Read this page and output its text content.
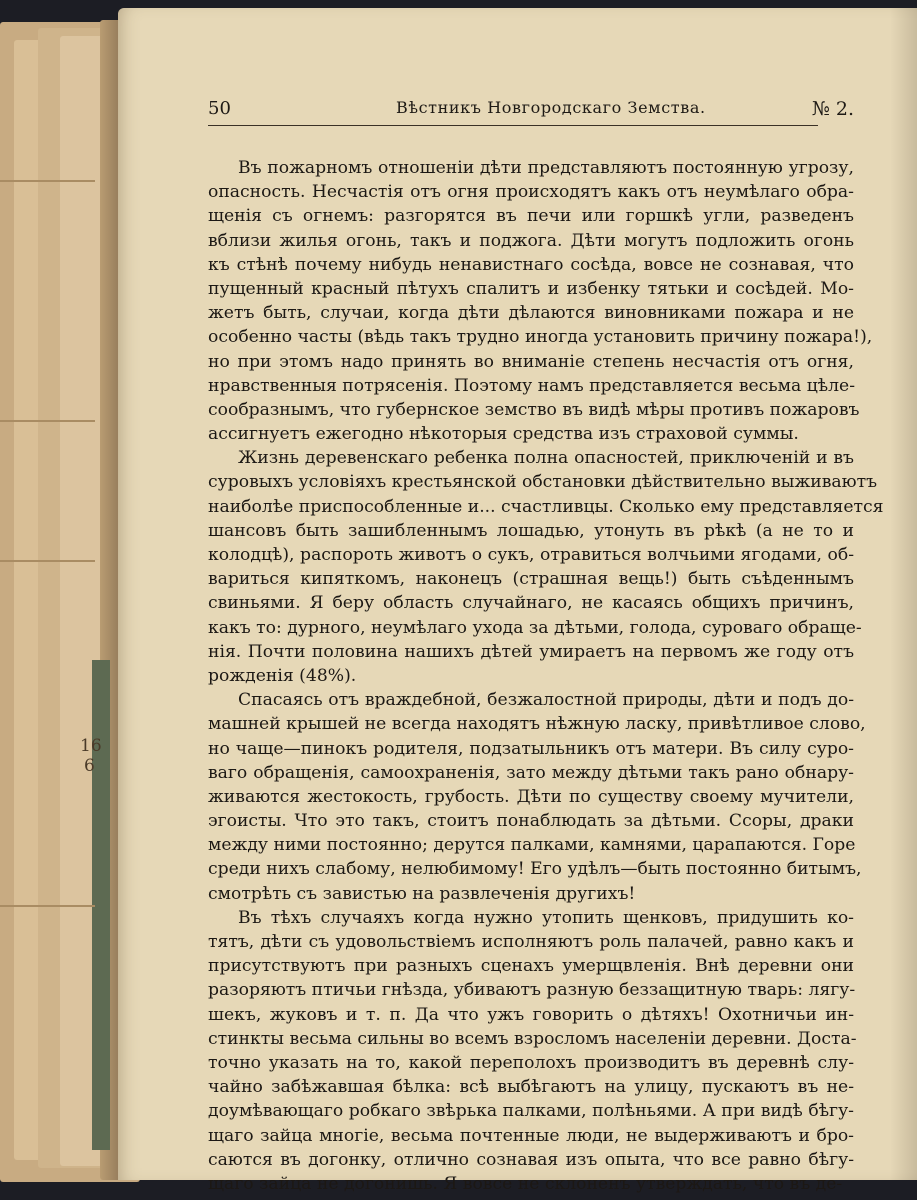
16
6
50	Вѣстникъ Новгородскаго Земства.	№ 2.
Въ пожарномъ отношеніи дѣти представляютъ постоянную угрозу,
опасность. Несчастія отъ огня происходятъ какъ отъ неумѣлаго обра-
щенія съ огнемъ: разгорятся въ печи или горшкѣ угли, разведенъ
вблизи жилья огонь, такъ и поджога. Дѣти могутъ подложить огонь
къ стѣнѣ почему нибудь ненавистнаго сосѣда, вовсе не сознавая, что
пущенный красный пѣтухъ спалитъ и избенку тятьки и сосѣдей. Мо-
жетъ быть, случаи, когда дѣти дѣлаются виновниками пожара и не
особенно часты (вѣдь такъ трудно иногда установить причину пожара!),
но при этомъ надо принять во вниманіе степень несчастія отъ огня,
нравственныя потрясенія. Поэтому намъ представляется весьма цѣле-
сообразнымъ, что губернское земство въ видѣ мѣры противъ пожаровъ
ассигнуетъ ежегодно нѣкоторыя средства изъ страховой суммы.
Жизнь деревенскаго ребенка полна опасностей, приключеній и въ
суровыхъ условіяхъ крестьянской обстановки дѣйствительно выживаютъ
наиболѣе приспособленные и... счастливцы. Сколько ему представляется
шансовъ быть зашибленнымъ лошадью, утонуть въ рѣкѣ (а не то и
колодцѣ), распороть животъ о сукъ, отравиться волчьими ягодами, об-
вариться кипяткомъ, наконецъ (страшная вещь!) быть съѣденнымъ
свиньями. Я беру область случайнаго, не касаясь общихъ причинъ,
какъ то: дурного, неумѣлаго ухода за дѣтьми, голода, суроваго обраще-
нія. Почти половина нашихъ дѣтей умираетъ на первомъ же году отъ
рожденія (48%).
Спасаясь отъ враждебной, безжалостной природы, дѣти и подъ до-
машней крышей не всегда находятъ нѣжную ласку, привѣтливое слово,
но чаще—пинокъ родителя, подзатыльникъ отъ матери. Въ силу суро-
ваго обращенія, самоохраненія, зато между дѣтьми такъ рано обнару-
живаются жестокость, грубость. Дѣти по существу своему мучители,
эгоисты. Что это такъ, стоитъ понаблюдать за дѣтьми. Ссоры, драки
между ними постоянно; дерутся палками, камнями, царапаются. Горе
среди нихъ слабому, нелюбимому! Его удѣлъ—быть постоянно битымъ,
смотрѣть съ завистью на развлеченія другихъ!
Въ тѣхъ случаяхъ когда нужно утопить щенковъ, придушить ко-
тятъ, дѣти съ удовольствіемъ исполняютъ роль палачей, равно какъ и
присутствуютъ при разныхъ сценахъ умерщвленія. Внѣ деревни они
разоряютъ птичьи гнѣзда, убиваютъ разную беззащитную тварь: лягу-
шекъ, жуковъ и т. п. Да что ужъ говорить о дѣтяхъ! Охотничьи ин-
стинкты весьма сильны во всемъ взросломъ населеніи деревни. Доста-
точно указать на то, какой переполохъ производитъ въ деревнѣ слу-
чайно забѣжавшая бѣлка: всѣ выбѣгаютъ на улицу, пускаютъ въ не-
доумѣвающаго робкаго звѣрька палками, полѣньями. А при видѣ бѣгу-
щаго зайца многіе, весьма почтенные люди, не выдерживаютъ и бро-
саются въ догонку, отлично сознавая изъ опыта, что все равно бѣгу-
щаго зайца не догонишь. Я вовсе не склоненъ утверждать, что въ де-
